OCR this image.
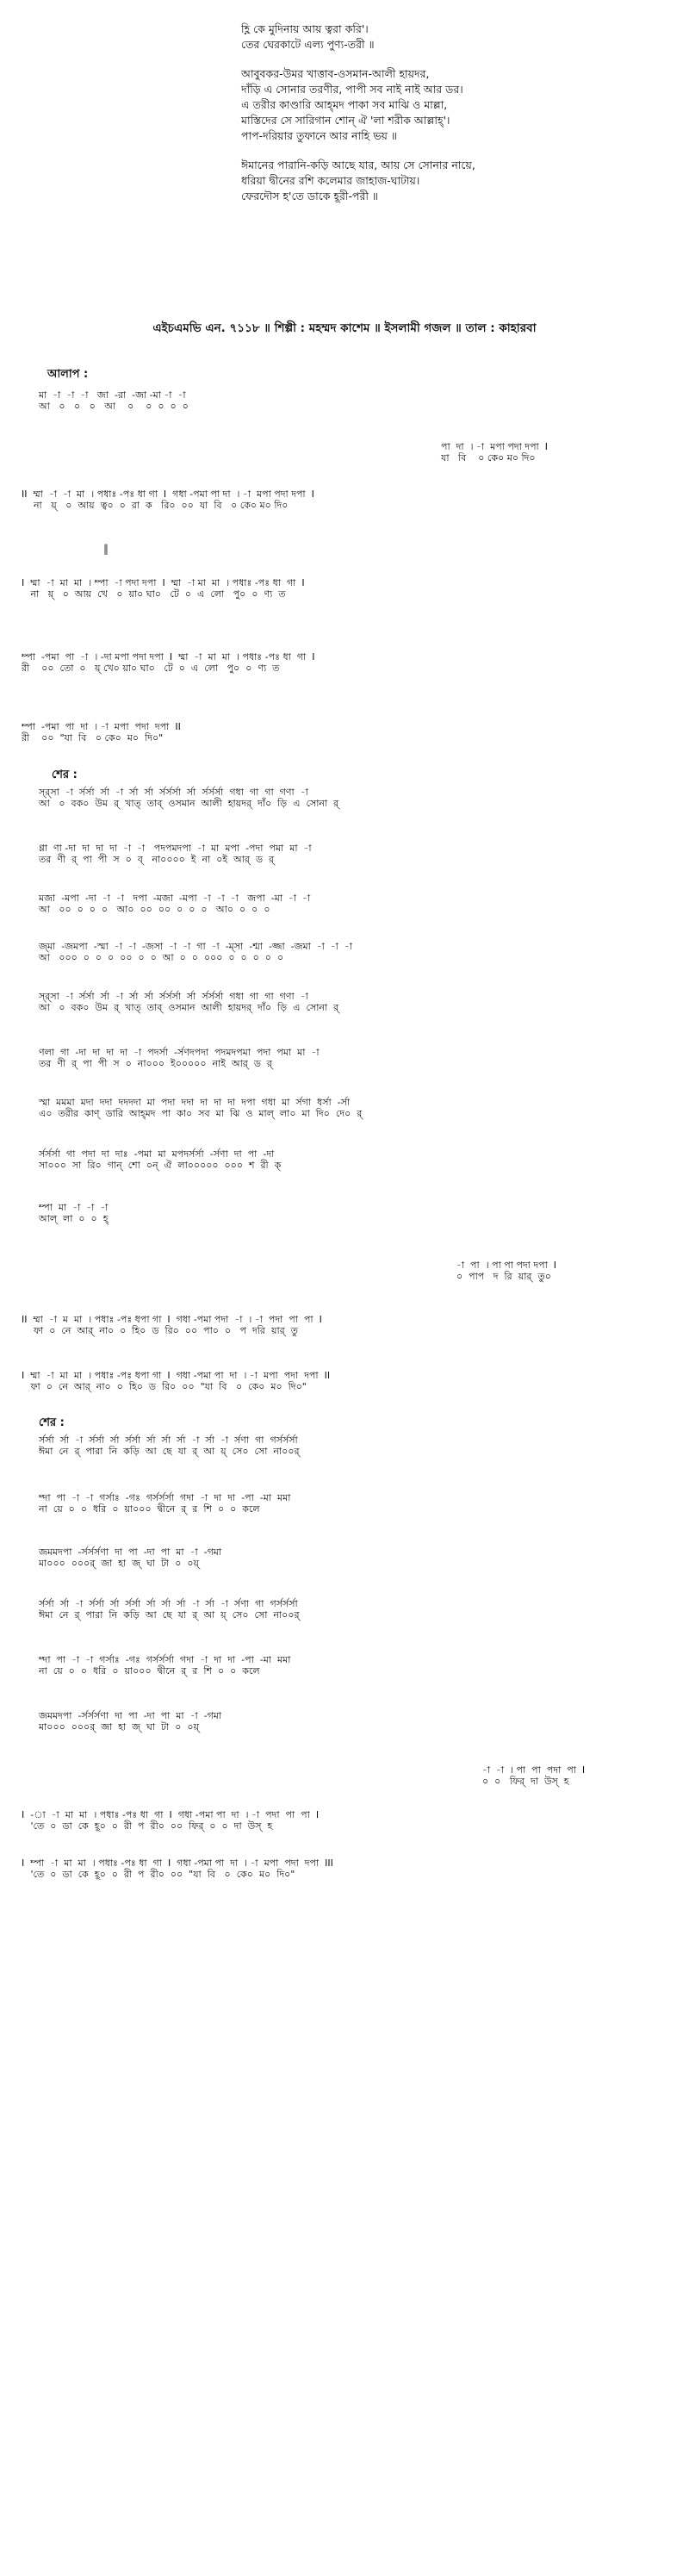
হ্ণি কে মুদিনায় আয় ত্বরা করি'।
তের ঘেরকাটে এল্য পুণ্য-তরী ॥
আবুবকর-উমর খাত্তাব-ওসমান-আলী হায়দর,
দাঁড়ি এ সোনার তরণীর, পাপী সব নাই নাই আর ডর।
এ তরীর কাণ্ডারি আহ্‌মদ পাকা সব মাঝি ও মাল্লা,
মাস্তিদের সে সারিগান শোন্‌ ঐ 'লা শরীক আল্লাহ্‌'।
পাপ-দরিয়ার তুফানে আর নাহি ভয় ॥
ঈমানের পারানি-কড়ি আছে যার, আয় সে সোনার নায়ে,
ধরিয়া দ্বীনের রশি কলেমার জাহাজ-ঘাটায়।
ফেরদৌস হ'তে ডাকে হূরী-পরী ॥
এইচএমভি এন. ৭১১৮ ॥ শিল্পী : মহম্মদ কাশেম ॥ ইসলামী গজল ॥ তাল : কাহারবা
আলাপ :
শের :
শের :
‖
মা  -া  -া  -া   জা  -রা  -জা -মা -া  -া
আ   ০   ০   ০   আ    ০    ০  ০  ০  ০
পা  দা  । -া  মপা পদা দপা  I
যা   বি    ০ কে০ ম০ দি০
II  ম্মা  -া  -া  মা  । পধাঃ -পঃ ধা গা  I  গধা -পমা পা দা  । -া  মপা পদা দপা  I
না   য়্   ০  আয়  ত্ব০  ০  রা  ক   রি০  ০০  যা  বি   ০ কে০ ম০ দি০
I  ম্মা  -া  মা  মা  । ম্পা  -া পদা দপা  I  ম্মা  -া মা  মা  । পধাঃ -পঃ ধা  গা  I
না   য়্   ০  আয়  খে   ০  য়া০ ঘা০   টে  ০  এ  লো   পু০  ০  ণ্য  ত
ম্পা  -পমা  পা  -া  । -দা মপা পদা দপা  I  ম্মা  -া  মা  মা  । পধাঃ -পঃ ধা  গা  I
রী    ০০  তো  ০   য়্ খে০ য়া০ ঘা০   টে  ০  এ  লো   পু০  ০  ণ্য  ত
ম্পা  -পমা  পা  দা  । -া  মপা  পদা  দপা  II
রী    ০০  "যা  বি   ০ কে০  ম০  দি০"
স্র্সা  -া  র্সর্সা  র্সা  -া  র্সা  র্সা  র্সর্সর্সা  র্সা  র্সর্সর্সা  গধা  গা  গা  গণা  -া
আ   ০  বক০  উম  র্  খাত্‌  তাব্‌  ওসমান  আলী  হায়দর্‌  দাঁ০  ড়ি  এ  সোনা  র্
ণ্ণা  ণা -দা  দা  দা  দা  -া  -া   পদপমদপা  -া  মা  মপা  -পদা  পমা  মা  -া
তর  ণী  র্  পা  পী  স  ০  ব্   না০০০০  ই  না  ০ই  আর্  ড  র্
মজা  -মপা  -দা  -া  -া   দপা  -মজা  -মপা  -া  -া  -া   জপা  -মা  -া  -া
আ   ০০  ০  ০  ০   আ০  ০০  ০০  ০  ০  ০   আ০  ০  ০  ০
জ্মা  -জমপা  -স্মা  -া  -া  -জসা  -া  -া  গা  -া  -ম্সা  -শ্মা  -জ্জা  -জমা  -া  -া  -া
আ   ০০০  ০  ০  ০  ০০  ০  ০  আ  ০  ০  ০০০  ০  ০  ০  ০  ০
স্র্সা  -া  র্সর্সা  র্সা  -া  র্সা  র্সা  র্সর্সর্সা  র্সা  র্সর্সর্সা  গধা  গা  গা  গণা  -া
আ   ০  বক০  উম  র্  খাত্‌  তাব্‌  ওসমান  আলী  হায়দর্‌  দাঁ০  ড়ি  এ  সোনা  র্
ণলা  গা  -দা  দা  দা  দা  -া  পদর্সা  -র্সণদপদা  পদমদপমা  পদা  পমা  মা  -া
তর  ণী  র্  পা  পী  স  ০  না০০০  ই০০০০০  নাই  আর্  ড  র্
স্মা  মমমা  মদা  দদা  দদদদা  মা  পদা  দদা  দা  দা  দা  দপা  গধা  মা  র্সগা  ধর্সা  -র্সা
এ০  তরীর  কাণ্‌  ডারি  আহ্‌মদ  পা  কা০  সব  মা  ঝি  ও  মাল্‌  লা০  মা  দি০  দে০  র্
র্সর্সর্সা  গা  পদা  দা  দাঃ  -পমা  মা  মপদর্সর্সা  -র্সণা  দা  পা  -দা
সা০০০  সা  রি০  গান্‌  শো  ০ন্‌  ঐ  লা০০০০০  ০০০  শ  রী  ক্‌
ম্পা  মা  -া  -া  -া
আল্  লা  ০  ০  হ্
-া  পা  । পা পা পদা দপা  I
০  পাপ   দ  রি  য়ার্  তু০
II  ম্মা  -া  ম  মা  । পধাঃ -পঃ ধপা গা  I  গধা -পমা পদা  -া  । -া  পদা  পা  পা  I
ফা  ০  নে  আর্  না০  ০  হি০  ড  রি০  ০০  পা০  ০   প  দরি  য়ার্  তু
I  ম্মা  -া  মা  মা  । পধাঃ -পঃ ধপা গা  I  গধা -পমা পা  দা  । -া  মপা  পদা  দপা  II
ফা  ০  নে  আর্  না০  ০  হি০  ড  রি০  ০০  "যা  বি   ০  কে০  ম০  দি০"
র্সর্সা  র্সা  -া  র্সর্সা  র্সা  র্সর্সা  র্সা  র্সা  র্সা  -া  র্সা  -া  র্সণা  গা  গর্সর্সর্সা
ঈমা  নে  র্  পারা  নি  কড়ি  আ  ছে  যা  র্  আ  য়্  সে০  সো  না০০র্
ম্দা  পা  -া  -া  গর্সাঃ  -গঃ  গর্সর্সর্সা  গদা  -া  দা  দা  -পা  -মা  মমা
না  য়ে  ০  ০  ধরি  ০  য়া০০০  দ্বীনে  র্  র  শি  ০  ০  কলে
জমমদপা  -র্সর্সর্সণা  দা  পা  -দা  পা  মা  -া  -গমা
মা০০০  ০০০র্  জা  হা  জ্  ঘা  টা  ০  ০য়্
র্সর্সা  র্সা  -া  র্সর্সা  র্সা  র্সর্সা  র্সা  র্সা  র্সা  -া  র্সা  -া  র্সণা  গা  গর্সর্সর্সা
ঈমা  নে  র্  পারা  নি  কড়ি  আ  ছে  যা  র্  আ  য়্  সে০  সো  না০০র্
ম্দা  পা  -া  -া  গর্সাঃ  -গঃ  গর্সর্সর্সা  গদা  -া  দা  দা  -পা  -মা  মমা
না  য়ে  ০  ০  ধরি  ০  য়া০০০  দ্বীনে  র্  র  শি  ০  ০  কলে
জমমদপা  -র্সর্সর্সণা  দা  পা  -দা  পা  মা  -া  -গমা
মা০০০  ০০০র্  জা  হা  জ্  ঘা  টা  ০  ০য়্
-া  -া  । পা  পা  পদা  পা  I
০  ০   ফির্  দা  উস্  হ
I  -া  -া  মা  মা  । পধাঃ -পঃ ধা  গা  I  গধা -পমা পা  দা  । -া  পদা  পা  পা  I
'তে  ০  ডা  কে  হূ০  ০  রী  প  রী০  ০০  ফির্  ০  ০  দা  উস্  হ
I  ম্পা  -া  মা  মা  । পধাঃ -পঃ ধা  গা  I  গধা -পমা পা  দা  । -া  মপা  পদা  দপা  III
'তে  ০  ডা  কে  হূ০  ০  রী  প  রী০  ০০  "যা  বি   ০  কে০  ম০  দি০"
